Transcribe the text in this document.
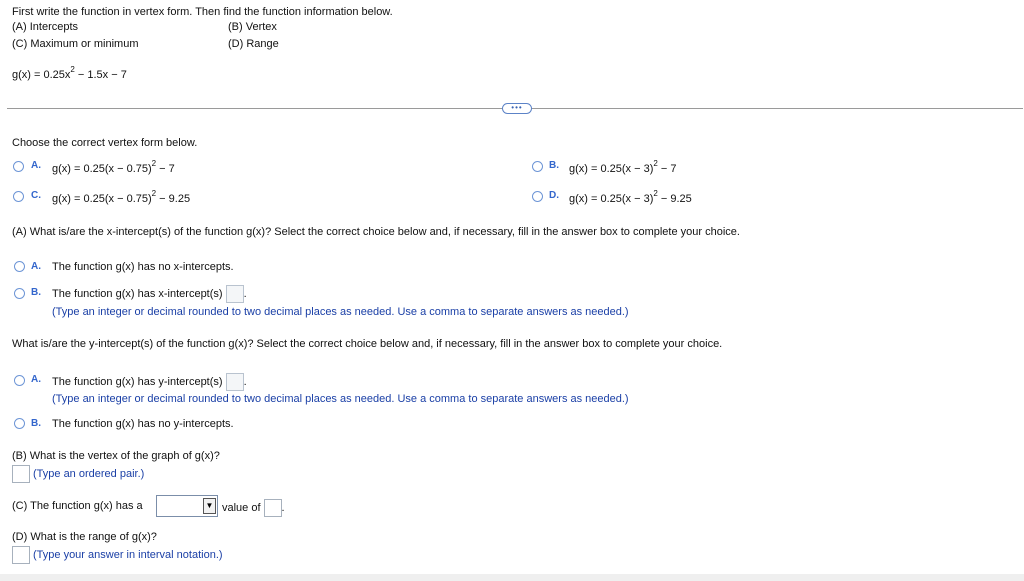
First write the function in vertex form. Then find the function information below.
(A) Intercepts	(B) Vertex
(C) Maximum or minimum	(D) Range
$g(x) = 0.25x^2 - 1.5x - 7$
•••
Choose the correct vertex form below.
A. $g(x) = 0.25(x - 0.75)^2 - 7$	B. $g(x) = 0.25(x - 3)^2 - 7$
C. $g(x) = 0.25(x - 0.75)^2 - 9.25$	D. $g(x) = 0.25(x - 3)^2 - 9.25$
(A) What is/are the x-intercept(s) of the function g(x)? Select the correct choice below and, if necessary, fill in the answer box to complete your choice.
A. The function g(x) has no x-intercepts.
B. The function g(x) has x-intercept(s) .
(Type an integer or decimal rounded to two decimal places as needed. Use a comma to separate answers as needed.)
What is/are the y-intercept(s) of the function g(x)? Select the correct choice below and, if necessary, fill in the answer box to complete your choice.
A. The function g(x) has y-intercept(s) .
(Type an integer or decimal rounded to two decimal places as needed. Use a comma to separate answers as needed.)
B. The function g(x) has no y-intercepts.
(B) What is the vertex of the graph of g(x)?
(Type an ordered pair.)
(C) The function g(x) has a	▼ value of .
(D) What is the range of g(x)?
(Type your answer in interval notation.)
